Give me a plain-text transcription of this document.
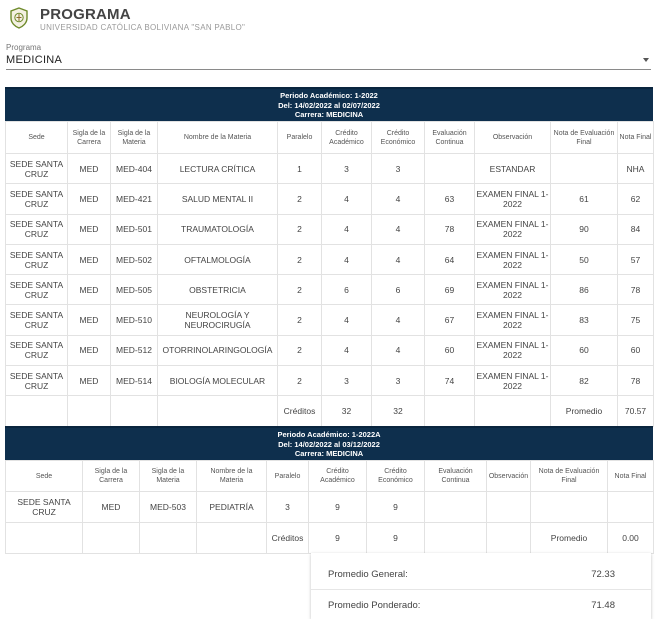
PROGRAMA
UNIVERSIDAD CATÓLICA BOLIVIANA "SAN PABLO"
Programa
MEDICINA
Periodo Académico: 1-2022
Del: 14/02/2022 al 02/07/2022
Carrera: MEDICINA
Sede	Sigla de la Carrera	Sigla de la Materia	Nombre de la Materia	Paralelo	Crédito Académico	Crédito Económico	Evaluación Continua	Observación	Nota de Evaluación Final	Nota Final
SEDE SANTA CRUZ	MED	MED-404	LECTURA CRÍTICA	1	3	3		ESTANDAR		NHA
SEDE SANTA CRUZ	MED	MED-421	SALUD MENTAL II	2	4	4	63	EXAMEN FINAL 1-2022	61	62
SEDE SANTA CRUZ	MED	MED-501	TRAUMATOLOGÍA	2	4	4	78	EXAMEN FINAL 1-2022	90	84
SEDE SANTA CRUZ	MED	MED-502	OFTALMOLOGÍA	2	4	4	64	EXAMEN FINAL 1-2022	50	57
SEDE SANTA CRUZ	MED	MED-505	OBSTETRICIA	2	6	6	69	EXAMEN FINAL 1-2022	86	78
SEDE SANTA CRUZ	MED	MED-510	NEUROLOGÍA Y NEUROCIRUGÍA	2	4	4	67	EXAMEN FINAL 1-2022	83	75
SEDE SANTA CRUZ	MED	MED-512	OTORRINOLARINGOLOGÍA	2	4	4	60	EXAMEN FINAL 1-2022	60	60
SEDE SANTA CRUZ	MED	MED-514	BIOLOGÍA MOLECULAR	2	3	3	74	EXAMEN FINAL 1-2022	82	78
				Créditos	32	32			Promedio	70.57
Periodo Académico: 1-2022A
Del: 14/02/2022 al 03/12/2022
Carrera: MEDICINA
Sede	Sigla de la Carrera	Sigla de la Materia	Nombre de la Materia	Paralelo	Crédito Académico	Crédito Económico	Evaluación Continua	Observación	Nota de Evaluación Final	Nota Final
SEDE SANTA CRUZ	MED	MED-503	PEDIATRÍA	3	9	9				
				Créditos	9	9			Promedio	0.00
Promedio General:	72.33
Promedio Ponderado:	71.48
